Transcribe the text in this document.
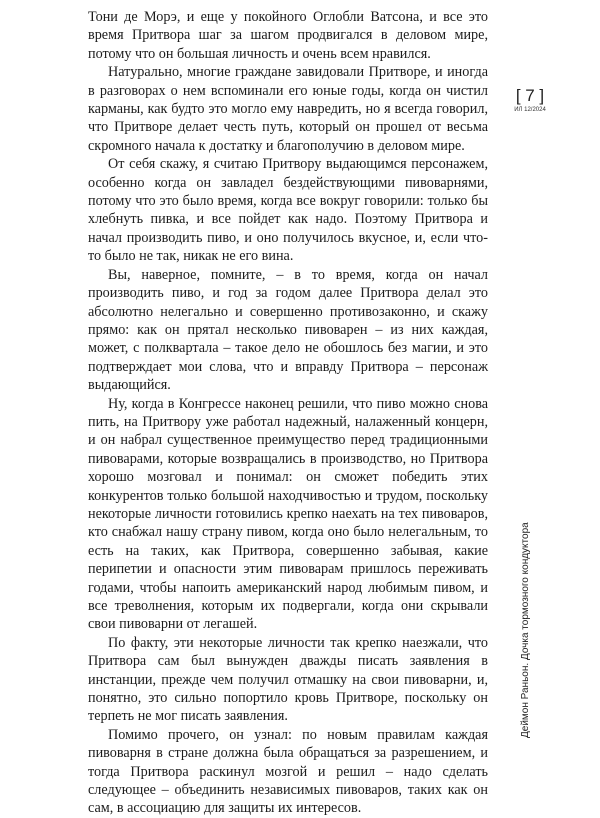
Тони де Морэ, и еще у покойного Оглобли Ватсона, и все это время Притвора шаг за шагом продвигался в деловом мире, потому что он большая личность и очень всем нравился.

Натурально, многие граждане завидовали Притворе, и иногда в разговорах о нем вспоминали его юные годы, когда он чистил карманы, как будто это могло ему навредить, но я всегда говорил, что Притворе делает честь путь, который он прошел от весьма скромного начала к достатку и благополучию в деловом мире.

От себя скажу, я считаю Притвору выдающимся персонажем, особенно когда он завладел бездействующими пивоварнями, потому что это было время, когда все вокруг говорили: только бы хлебнуть пивка, и все пойдет как надо. Поэтому Притвора и начал производить пиво, и оно получилось вкусное, и, если что-то было не так, никак не его вина.

Вы, наверное, помните, – в то время, когда он начал производить пиво, и год за годом далее Притвора делал это абсолютно нелегально и совершенно противозаконно, и скажу прямо: как он прятал несколько пивоварен – из них каждая, может, с полквартала – такое дело не обошлось без магии, и это подтверждает мои слова, что и вправду Притвора – персонаж выдающийся.

Ну, когда в Конгрессе наконец решили, что пиво можно снова пить, на Притвору уже работал надежный, налаженный концерн, и он набрал существенное преимущество перед традиционными пивоварами, которые возвращались в производство, но Притвора хорошо мозговал и понимал: он сможет победить этих конкурентов только большой находчивостью и трудом, поскольку некоторые личности готовились крепко наехать на тех пивоваров, кто снабжал нашу страну пивом, когда оно было нелегальным, то есть на таких, как Притвора, совершенно забывая, какие перипетии и опасности этим пивоварам пришлось переживать годами, чтобы напоить американский народ любимым пивом, и все треволнения, которым их подвергали, когда они скрывали свои пивоварни от легашей.

По факту, эти некоторые личности так крепко наезжали, что Притвора сам был вынужден дважды писать заявления в инстанции, прежде чем получил отмашку на свои пивоварни, и, понятно, это сильно попортило кровь Притворе, поскольку он терпеть не мог писать заявления.

Помимо прочего, он узнал: по новым правилам каждая пивоварня в стране должна была обращаться за разрешением, и тогда Притвора раскинул мозгой и решил – надо сделать следующее – объединить независимых пивоваров, таких как он сам, в ассоциацию для защиты их интересов.

[ 7 ]
ИЛ 12/2024
Деймон Раньон. Дочка тормозного кондуктора
